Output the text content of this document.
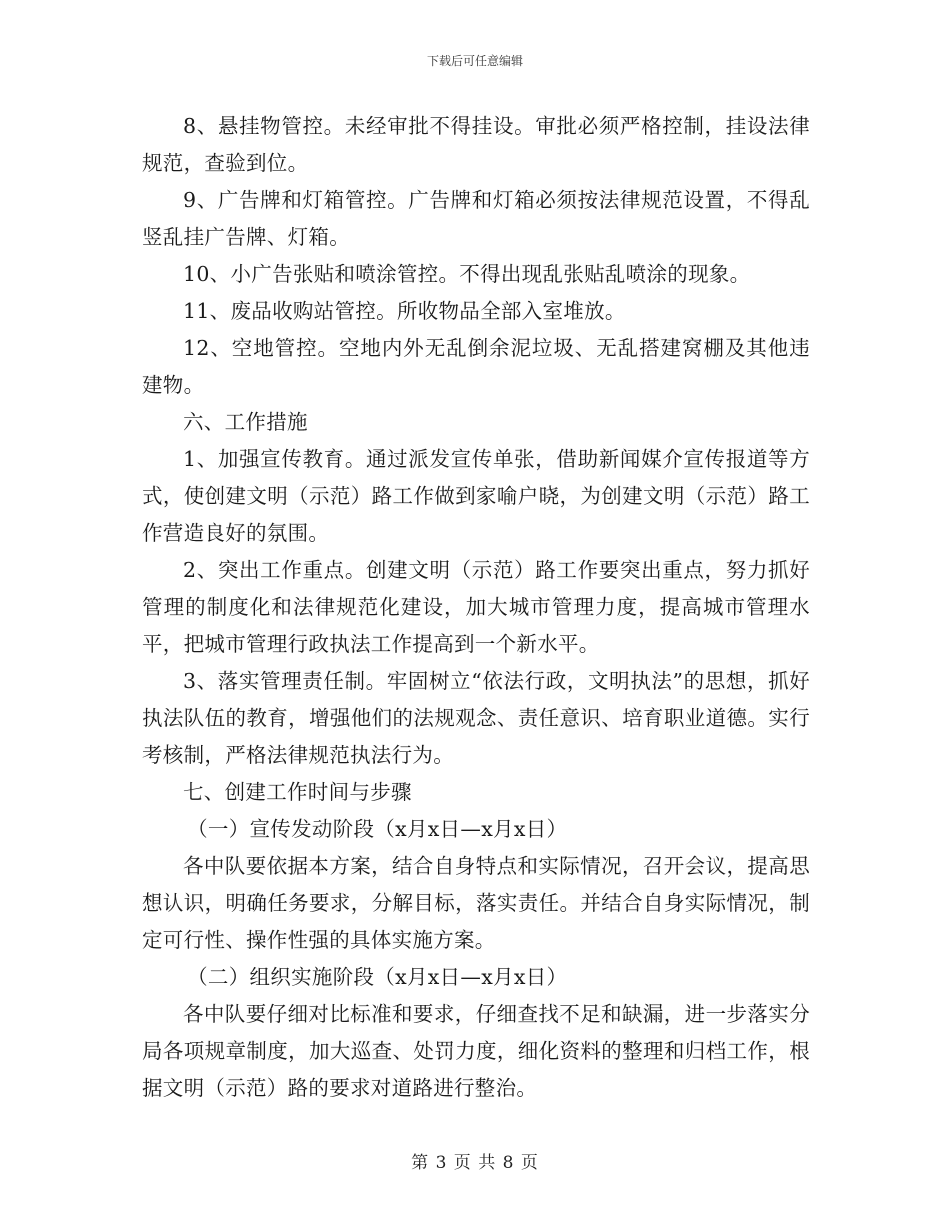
下载后可任意编辑

8、悬挂物管控。未经审批不得挂设。审批必须严格控制，挂设法律规范，查验到位。

9、广告牌和灯箱管控。广告牌和灯箱必须按法律规范设置，不得乱竖乱挂广告牌、灯箱。

10、小广告张贴和喷涂管控。不得出现乱张贴乱喷涂的现象。

11、废品收购站管控。所收物品全部入室堆放。

12、空地管控。空地内外无乱倒余泥垃圾、无乱搭建窝棚及其他违建物。

六、工作措施

1、加强宣传教育。通过派发宣传单张，借助新闻媒介宣传报道等方式，使创建文明（示范）路工作做到家喻户晓，为创建文明（示范）路工作营造良好的氛围。

2、突出工作重点。创建文明（示范）路工作要突出重点，努力抓好管理的制度化和法律规范化建设，加大城市管理力度，提高城市管理水平，把城市管理行政执法工作提高到一个新水平。

3、落实管理责任制。牢固树立“依法行政，文明执法”的思想，抓好执法队伍的教育，增强他们的法规观念、责任意识、培育职业道德。实行考核制，严格法律规范执法行为。

七、创建工作时间与步骤

（一）宣传发动阶段（x月x日—x月x日）

各中队要依据本方案，结合自身特点和实际情况，召开会议，提高思想认识，明确任务要求，分解目标，落实责任。并结合自身实际情况，制定可行性、操作性强的具体实施方案。

（二）组织实施阶段（x月x日—x月x日）

各中队要仔细对比标准和要求，仔细查找不足和缺漏，进一步落实分局各项规章制度，加大巡查、处罚力度，细化资料的整理和归档工作，根据文明（示范）路的要求对道路进行整治。

第 3 页 共 8 页
